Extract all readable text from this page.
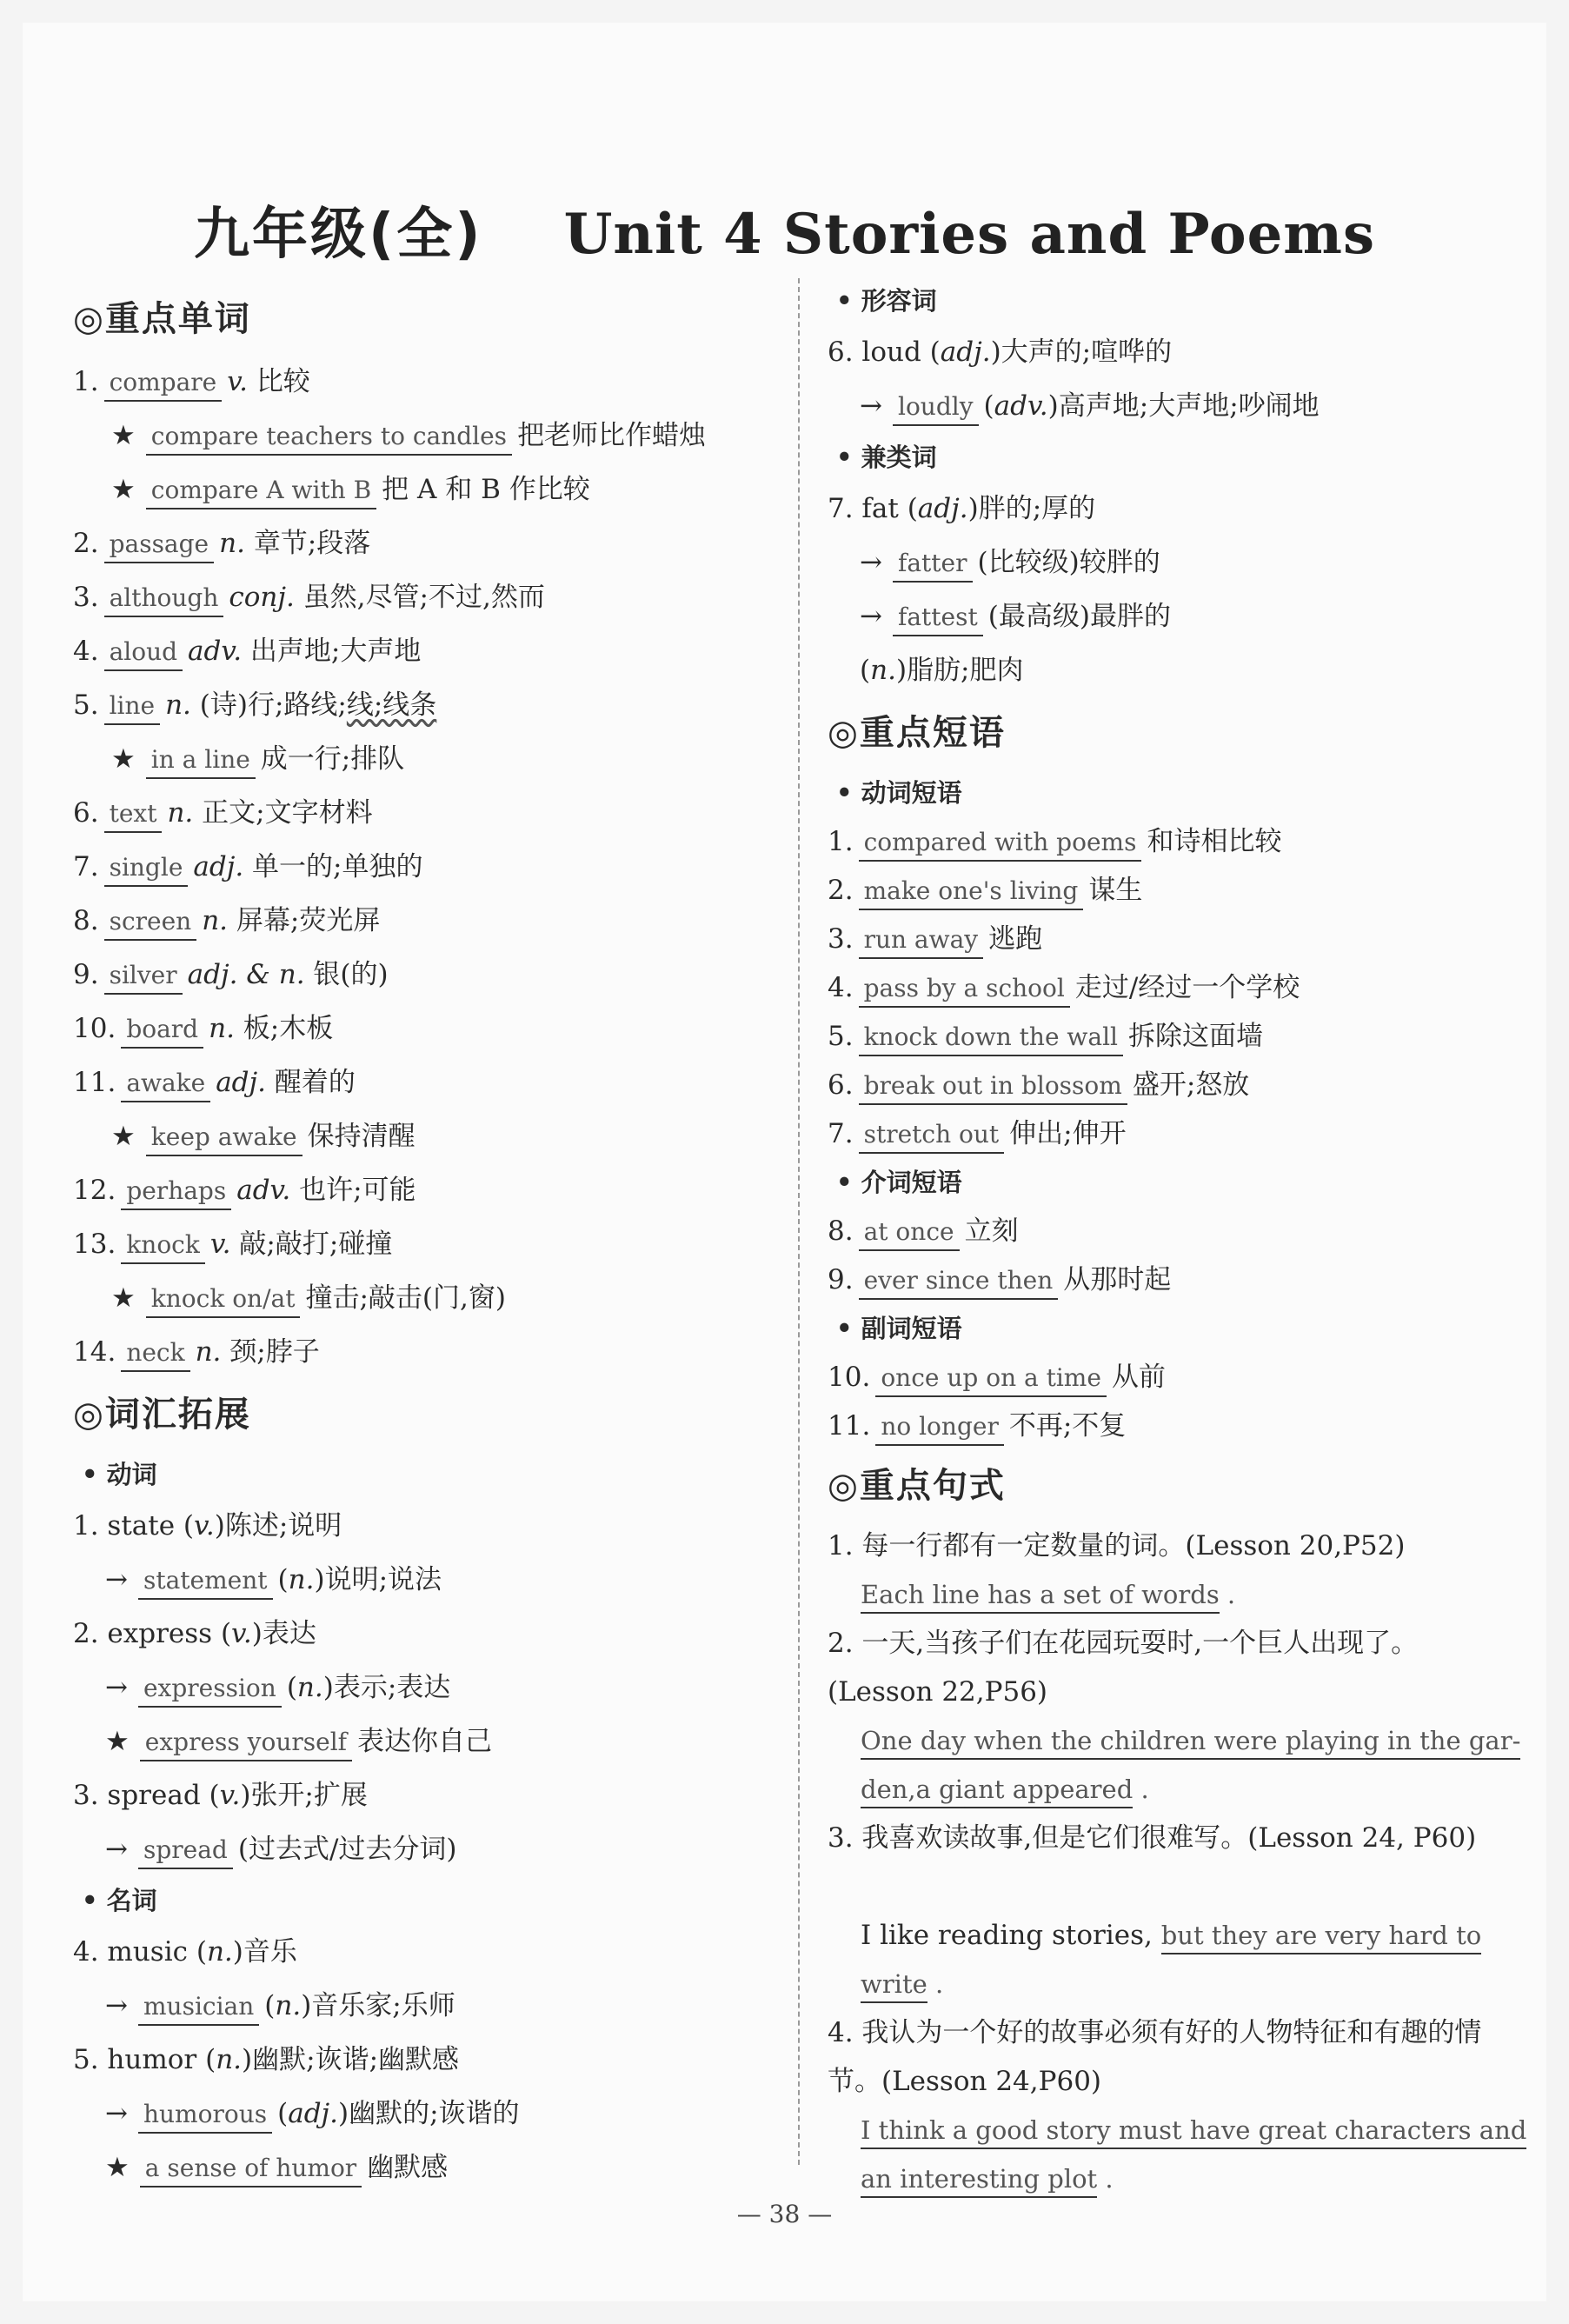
九年级(全) Unit 4 Stories and Poems
◎重点单词
1. compare v. 比较
★ compare teachers to candles 把老师比作蜡烛
★ compare A with B 把 A 和 B 作比较
2. passage n. 章节;段落
3. although conj. 虽然,尽管;不过,然而
4. aloud adv. 出声地;大声地
5. line n. (诗)行;路线;线;线条
★ in a line 成一行;排队
6. text n. 正文;文字材料
7. single adj. 单一的;单独的
8. screen n. 屏幕;荧光屏
9. silver adj. & n. 银(的)
10. board n. 板;木板
11. awake adj. 醒着的
★ keep awake 保持清醒
12. perhaps adv. 也许;可能
13. knock v. 敲;敲打;碰撞
★ knock on/at 撞击;敲击(门,窗)
14. neck n. 颈;脖子
◎词汇拓展
• 动词
1. state (v.)陈述;说明
→ statement (n.)说明;说法
2. express (v.)表达
→ expression (n.)表示;表达
★ express yourself 表达你自己
3. spread (v.)张开;扩展
→ spread (过去式/过去分词)
• 名词
4. music (n.)音乐
→ musician (n.)音乐家;乐师
5. humor (n.)幽默;诙谐;幽默感
→ humorous (adj.)幽默的;诙谐的
★ a sense of humor 幽默感
• 形容词
6. loud (adj.)大声的;喧哗的
→ loudly (adv.)高声地;大声地;吵闹地
• 兼类词
7. fat (adj.)胖的;厚的
→ fatter (比较级)较胖的
→ fattest (最高级)最胖的
(n.)脂肪;肥肉
◎重点短语
• 动词短语
1. compared with poems 和诗相比较
2. make one's living 谋生
3. run away 逃跑
4. pass by a school 走过/经过一个学校
5. knock down the wall 拆除这面墙
6. break out in blossom 盛开;怒放
7. stretch out 伸出;伸开
• 介词短语
8. at once 立刻
9. ever since then 从那时起
• 副词短语
10. once up on a time 从前
11. no longer 不再;不复
◎重点句式
1. 每一行都有一定数量的词。(Lesson 20,P52)
Each line has a set of words .
2. 一天,当孩子们在花园玩耍时,一个巨人出现了。(Lesson 22,P56)
One day when the children were playing in the gar-
den,a giant appeared .
3. 我喜欢读故事,但是它们很难写。(Lesson 24, P60)
I like reading stories, but they are very hard to
write .
4. 我认为一个好的故事必须有好的人物特征和有趣的情节。(Lesson 24,P60)
I think a good story must have great characters and
an interesting plot .
— 38 —
